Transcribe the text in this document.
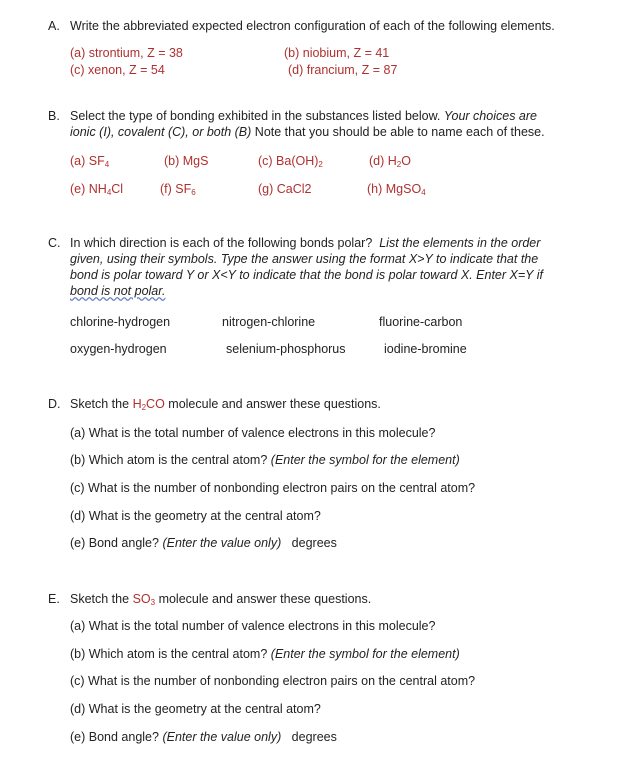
A. Write the abbreviated expected electron configuration of each of the following elements.
(a) strontium, Z = 38	(b) niobium, Z = 41
(c) xenon, Z = 54	(d) francium, Z = 87
B. Select the type of bonding exhibited in the substances listed below. Your choices are
ionic (I), covalent (C), or both (B) Note that you should be able to name each of these.
(a) $SF_4$	(b) MgS	(c) $Ba(OH)_2$	(d) $H_2O$
(e) $NH_4Cl$	(f) $SF_6$	(g) CaCl2	(h) MgSO$_4$
C. In which direction is each of the following bonds polar? List the elements in the order
given, using their symbols. Type the answer using the format X>Y to indicate that the
bond is polar toward Y or X<Y to indicate that the bond is polar toward X. Enter X=Y if
bond is not polar.
chlorine-hydrogen	nitrogen-chlorine	fluorine-carbon
oxygen-hydrogen	selenium-phosphorus	iodine-bromine
D. Sketch the $H_2CO$ molecule and answer these questions.
(a) What is the total number of valence electrons in this molecule?
(b) Which atom is the central atom? (Enter the symbol for the element)
(c) What is the number of nonbonding electron pairs on the central atom?
(d) What is the geometry at the central atom?
(e) Bond angle? (Enter the value only) degrees
E. Sketch the $SO_3$ molecule and answer these questions.
(a) What is the total number of valence electrons in this molecule?
(b) Which atom is the central atom? (Enter the symbol for the element)
(c) What is the number of nonbonding electron pairs on the central atom?
(d) What is the geometry at the central atom?
(e) Bond angle? (Enter the value only) degrees
